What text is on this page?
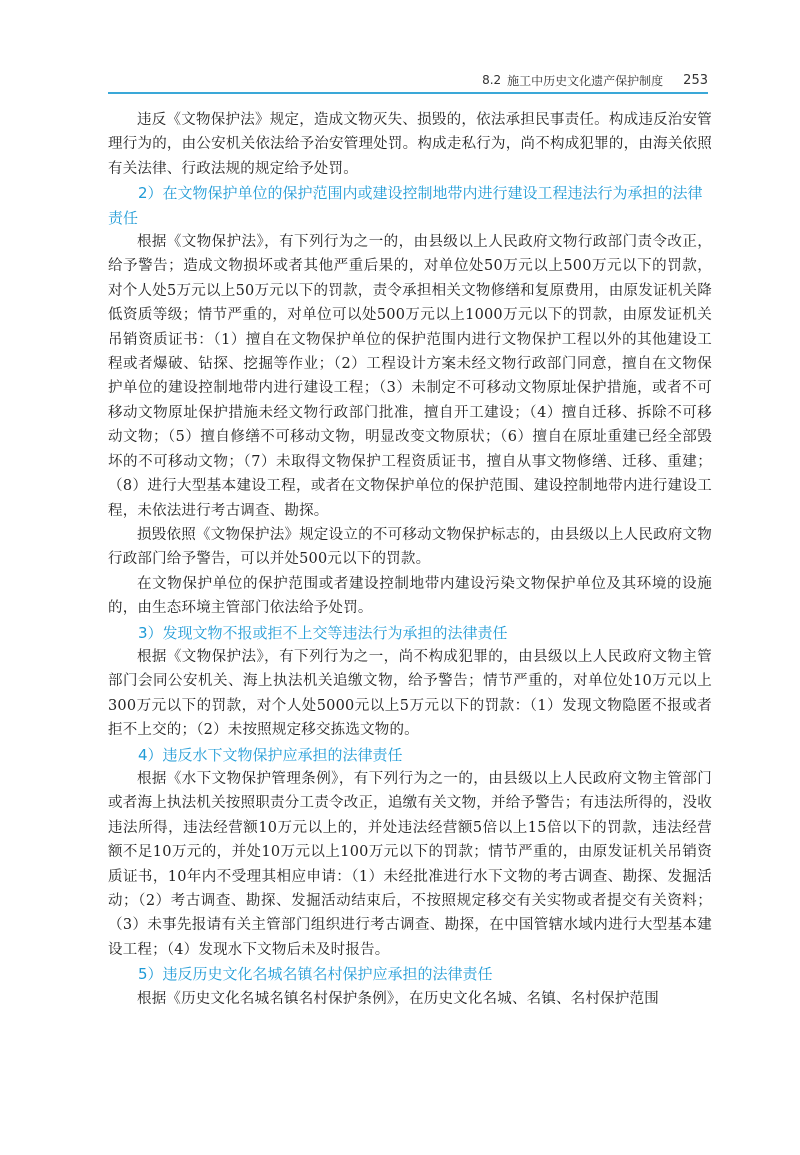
8.2 施工中历史文化遗产保护制度 253

违反《文物保护法》规定，造成文物灭失、损毁的，依法承担民事责任。构成违反治安管理行为的，由公安机关依法给予治安管理处罚。构成走私行为，尚不构成犯罪的，由海关依照有关法律、行政法规的规定给予处罚。

2）在文物保护单位的保护范围内或建设控制地带内进行建设工程违法行为承担的法律责任

根据《文物保护法》，有下列行为之一的，由县级以上人民政府文物行政部门责令改正，给予警告；造成文物损坏或者其他严重后果的，对单位处50万元以上500万元以下的罚款，对个人处5万元以上50万元以下的罚款，责令承担相关文物修缮和复原费用，由原发证机关降低资质等级；情节严重的，对单位可以处500万元以上1000万元以下的罚款，由原发证机关吊销资质证书：（1）擅自在文物保护单位的保护范围内进行文物保护工程以外的其他建设工程或者爆破、钻探、挖掘等作业；（2）工程设计方案未经文物行政部门同意，擅自在文物保护单位的建设控制地带内进行建设工程；（3）未制定不可移动文物原址保护措施，或者不可移动文物原址保护措施未经文物行政部门批准，擅自开工建设；（4）擅自迁移、拆除不可移动文物；（5）擅自修缮不可移动文物，明显改变文物原状；（6）擅自在原址重建已经全部毁坏的不可移动文物；（7）未取得文物保护工程资质证书，擅自从事文物修缮、迁移、重建；（8）进行大型基本建设工程，或者在文物保护单位的保护范围、建设控制地带内进行建设工程，未依法进行考古调查、勘探。

损毁依照《文物保护法》规定设立的不可移动文物保护标志的，由县级以上人民政府文物行政部门给予警告，可以并处500元以下的罚款。

在文物保护单位的保护范围或者建设控制地带内建设污染文物保护单位及其环境的设施的，由生态环境主管部门依法给予处罚。

3）发现文物不报或拒不上交等违法行为承担的法律责任

根据《文物保护法》，有下列行为之一，尚不构成犯罪的，由县级以上人民政府文物主管部门会同公安机关、海上执法机关追缴文物，给予警告；情节严重的，对单位处10万元以上300万元以下的罚款，对个人处5000元以上5万元以下的罚款：（1）发现文物隐匿不报或者拒不上交的；（2）未按照规定移交拣选文物的。

4）违反水下文物保护应承担的法律责任

根据《水下文物保护管理条例》，有下列行为之一的，由县级以上人民政府文物主管部门或者海上执法机关按照职责分工责令改正，追缴有关文物，并给予警告；有违法所得的，没收违法所得，违法经营额10万元以上的，并处违法经营额5倍以上15倍以下的罚款，违法经营额不足10万元的，并处10万元以上100万元以下的罚款；情节严重的，由原发证机关吊销资质证书，10年内不受理其相应申请：（1）未经批准进行水下文物的考古调查、勘探、发掘活动；（2）考古调查、勘探、发掘活动结束后，不按照规定移交有关实物或者提交有关资料；（3）未事先报请有关主管部门组织进行考古调查、勘探，在中国管辖水域内进行大型基本建设工程；（4）发现水下文物后未及时报告。

5）违反历史文化名城名镇名村保护应承担的法律责任

根据《历史文化名城名镇名村保护条例》，在历史文化名城、名镇、名村保护范围
